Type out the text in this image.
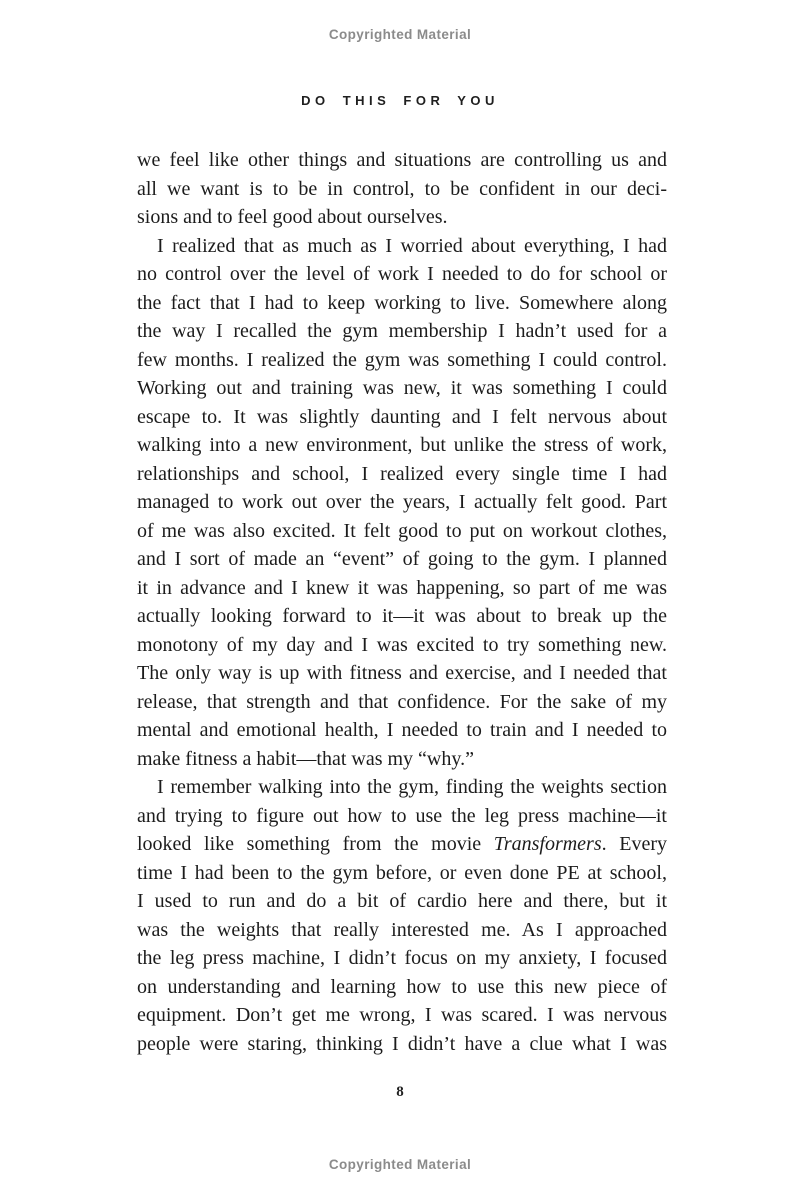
Copyrighted Material
DO THIS FOR YOU
we feel like other things and situations are controlling us and
all we want is to be in control, to be confident in our deci-
sions and to feel good about ourselves.
I realized that as much as I worried about everything, I had
no control over the level of work I needed to do for school or
the fact that I had to keep working to live. Somewhere along
the way I recalled the gym membership I hadn’t used for a
few months. I realized the gym was something I could control.
Working out and training was new, it was something I could
escape to. It was slightly daunting and I felt nervous about
walking into a new environment, but unlike the stress of work,
relationships and school, I realized every single time I had
managed to work out over the years, I actually felt good. Part
of me was also excited. It felt good to put on workout clothes,
and I sort of made an “event” of going to the gym. I planned
it in advance and I knew it was happening, so part of me was
actually looking forward to it—it was about to break up the
monotony of my day and I was excited to try something new.
The only way is up with fitness and exercise, and I needed that
release, that strength and that confidence. For the sake of my
mental and emotional health, I needed to train and I needed to
make fitness a habit—that was my “why.”
I remember walking into the gym, finding the weights section
and trying to figure out how to use the leg press machine—it
looked like something from the movie Transformers. Every
time I had been to the gym before, or even done PE at school,
I used to run and do a bit of cardio here and there, but it
was the weights that really interested me. As I approached
the leg press machine, I didn’t focus on my anxiety, I focused
on understanding and learning how to use this new piece of
equipment. Don’t get me wrong, I was scared. I was nervous
people were staring, thinking I didn’t have a clue what I was
8
Copyrighted Material
